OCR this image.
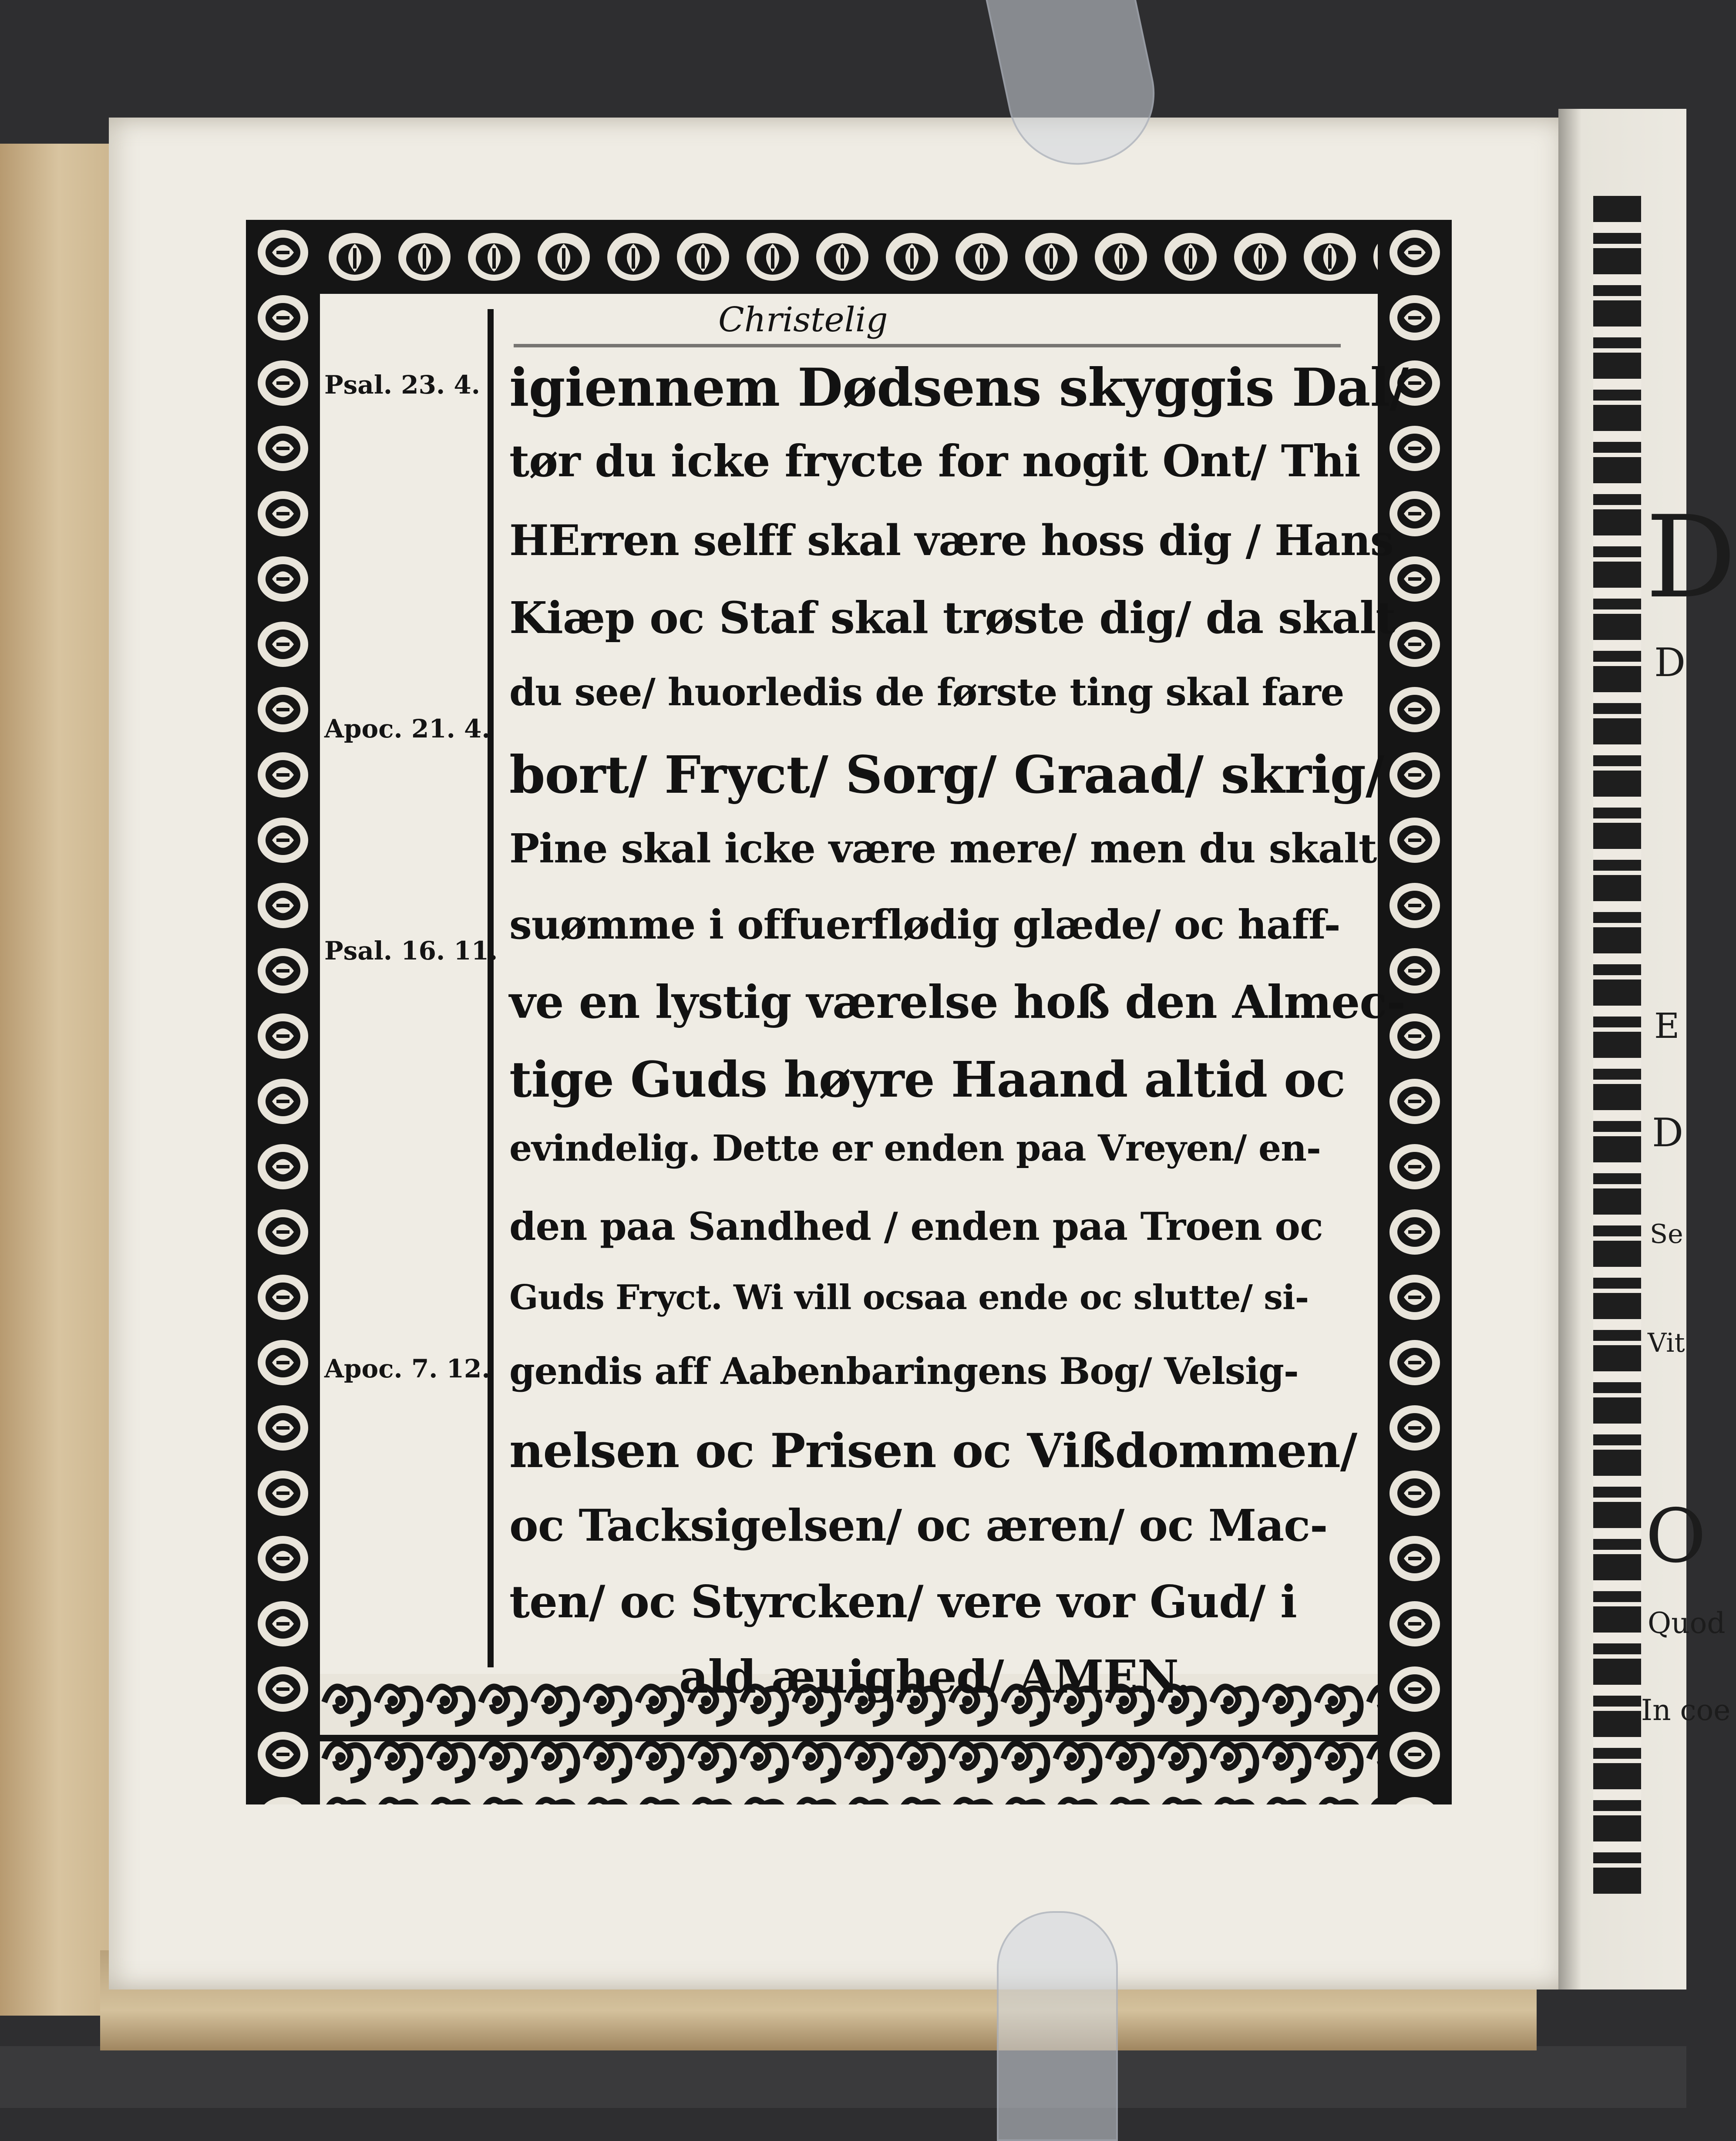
D
D
E
D
Se
Vit
O
Quod
In coe
Christelig
Psal. 23. 4.
Apoc. 21. 4.
Psal. 16. 11.
Apoc. 7. 12.
igiennem Dødsens skyggis Dal/
tør du icke frycte for nogit Ont/ Thi
HErren selff skal være hoss dig / Hans
Kiæp oc Staf skal trøste dig/ da skalt
du see/ huorledis de første ting skal fare
bort/ Fryct/ Sorg/ Graad/ skrig/
Pine skal icke være mere/ men du skalt
suømme i offuerflødig glæde/ oc haff-
ve en lystig værelse hoß den Almec-
tige Guds høyre Haand altid oc
evindelig. Dette er enden paa Vreyen/ en-
den paa Sandhed / enden paa Troen oc
Guds Fryct. Wi vill ocsaa ende oc slutte/ si-
gendis aff Aabenbaringens Bog/ Velsig-
nelsen oc Prisen oc Vißdommen/
oc Tacksigelsen/ oc æren/ oc Mac-
ten/ oc Styrcken/ vere vor Gud/ i
ald æuighed/ AMEN.
